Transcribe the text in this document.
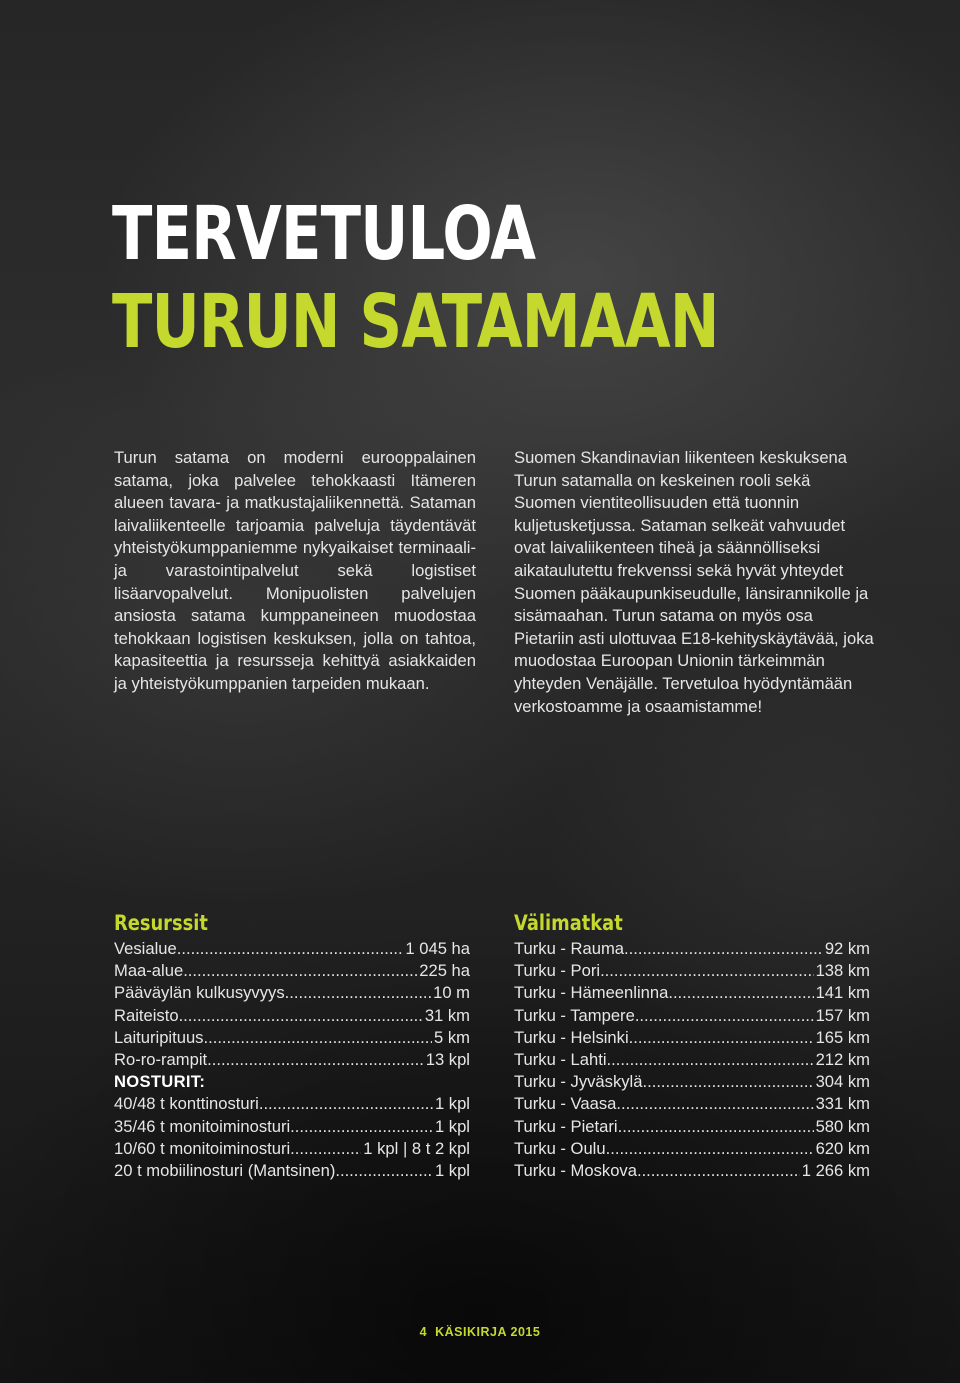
TERVETULOA
TURUN SATAMAAN

Turun satama on moderni eurooppalainen satama, joka palvelee tehokkaasti Itämeren alueen tavara- ja matkustajaliikennettä. Sataman laivaliikenteelle tarjoamia palveluja täydentävät yhteistyökumppaniemme nykyaikaiset terminaali- ja varastointipalvelut sekä logistiset lisäarvopalvelut. Monipuolisten palvelujen ansiosta satama kumppaneineen muodostaa tehokkaan logistisen keskuksen, jolla on tahtoa, kapasiteettia ja resursseja kehittyä asiakkaiden ja yhteistyökumppanien tarpeiden mukaan.

Suomen Skandinavian liikenteen keskuksena Turun satamalla on keskeinen rooli sekä Suomen vientiteollisuuden että tuonnin kuljetusketjussa. Sataman selkeät vahvuudet ovat laivaliikenteen tiheä ja säännölliseksi aikataulutettu frekvenssi sekä hyvät yhteydet Suomen pääkaupunkiseudulle, länsirannikolle ja sisämaahan. Turun satama on myös osa Pietariin asti ulottuvaa E18-kehityskäytävää, joka muodostaa Euroopan Unionin tärkeimmän yhteyden Venäjälle. Tervetuloa hyödyntämään verkostoamme ja osaamistamme!

Resurssit
Vesialue .....	1 045 ha
Maa-alue .....	225 ha
Pääväylän kulkusyvyys .....	10 m
Raiteisto .....	31 km
Laituripituus .....	5 km
Ro-ro-rampit .....	13 kpl
NOSTURIT:
40/48 t konttinosturi .....	1 kpl
35/46 t monitoiminosturi .....	1 kpl
10/60 t monitoiminosturi .....	1 kpl | 8 t 2 kpl
20 t mobiilinosturi (Mantsinen) .....	1 kpl
Välimatkat
Turku - Rauma .....	92 km
Turku - Pori .....	138 km
Turku - Hämeenlinna .....	141 km
Turku - Tampere .....	157 km
Turku - Helsinki .....	165 km
Turku - Lahti .....	212 km
Turku - Jyväskylä .....	304 km
Turku - Vaasa .....	331 km
Turku - Pietari .....	580 km
Turku - Oulu .....	620 km
Turku - Moskova .....	1 266 km
4 KÄSIKIRJA 2015
